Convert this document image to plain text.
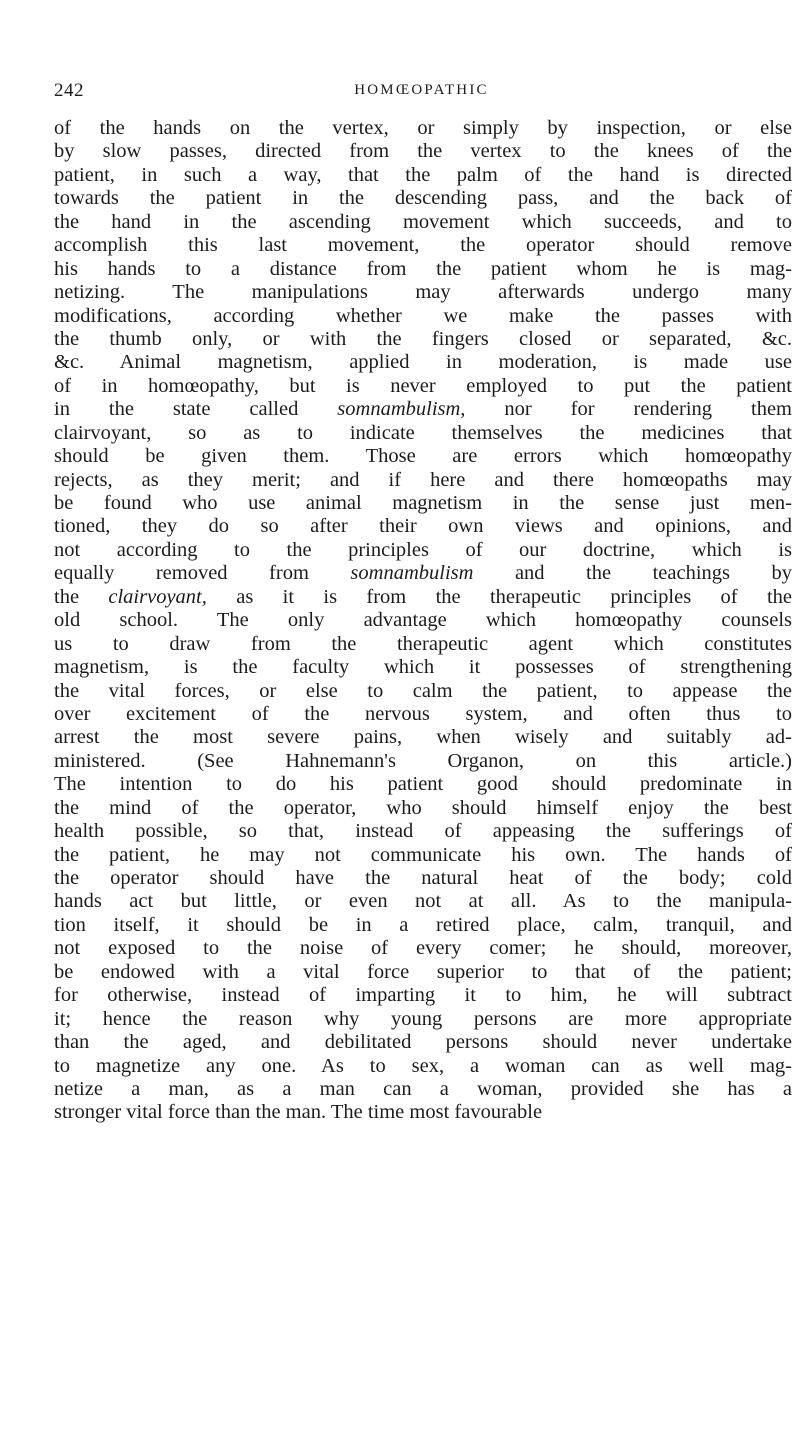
242	HOMŒOPATHIC
of the hands on the vertex, or simply by inspection, or else
by slow passes, directed from the vertex to the knees of the
patient, in such a way, that the palm of the hand is directed
towards the patient in the descending pass, and the back of
the hand in the ascending movement which succeeds, and to
accomplish this last movement, the operator should remove
his hands to a distance from the patient whom he is mag-
netizing. The manipulations may afterwards undergo many
modifications, according whether we make the passes with
the thumb only, or with the fingers closed or separated, &c.
&c. Animal magnetism, applied in moderation, is made use
of in homœopathy, but is never employed to put the patient
in the state called somnambulism, nor for rendering them
clairvoyant, so as to indicate themselves the medicines that
should be given them. Those are errors which homœopathy
rejects, as they merit; and if here and there homœopaths may
be found who use animal magnetism in the sense just men-
tioned, they do so after their own views and opinions, and
not according to the principles of our doctrine, which is
equally removed from somnambulism and the teachings by
the clairvoyant, as it is from the therapeutic principles of the
old school. The only advantage which homœopathy counsels
us to draw from the therapeutic agent which constitutes
magnetism, is the faculty which it possesses of strengthening
the vital forces, or else to calm the patient, to appease the
over excitement of the nervous system, and often thus to
arrest the most severe pains, when wisely and suitably ad-
ministered. (See Hahnemann's Organon, on this article.)
The intention to do his patient good should predominate in
the mind of the operator, who should himself enjoy the best
health possible, so that, instead of appeasing the sufferings of
the patient, he may not communicate his own. The hands of
the operator should have the natural heat of the body; cold
hands act but little, or even not at all. As to the manipula-
tion itself, it should be in a retired place, calm, tranquil, and
not exposed to the noise of every comer; he should, moreover,
be endowed with a vital force superior to that of the patient;
for otherwise, instead of imparting it to him, he will subtract
it; hence the reason why young persons are more appropriate
than the aged, and debilitated persons should never undertake
to magnetize any one. As to sex, a woman can as well mag-
netize a man, as a man can a woman, provided she has a
stronger vital force than the man. The time most favourable
